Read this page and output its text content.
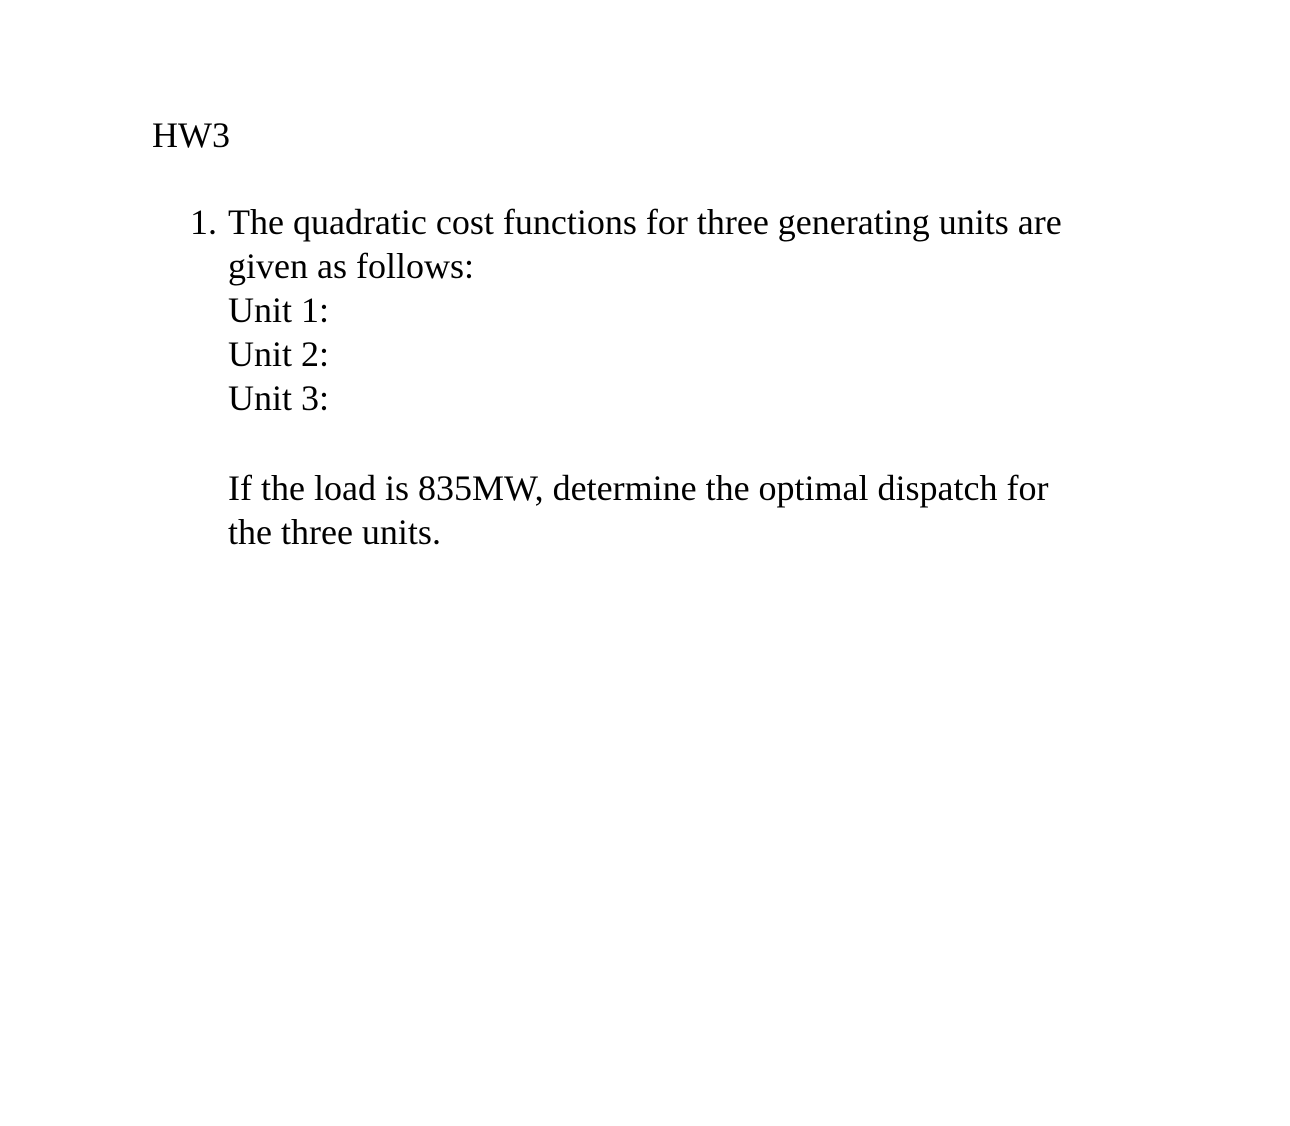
HW3
1. The quadratic cost functions for three generating units are
given as follows:
Unit 1:
Unit 2:
Unit 3:
If the load is 835MW, determine the optimal dispatch for
the three units.
